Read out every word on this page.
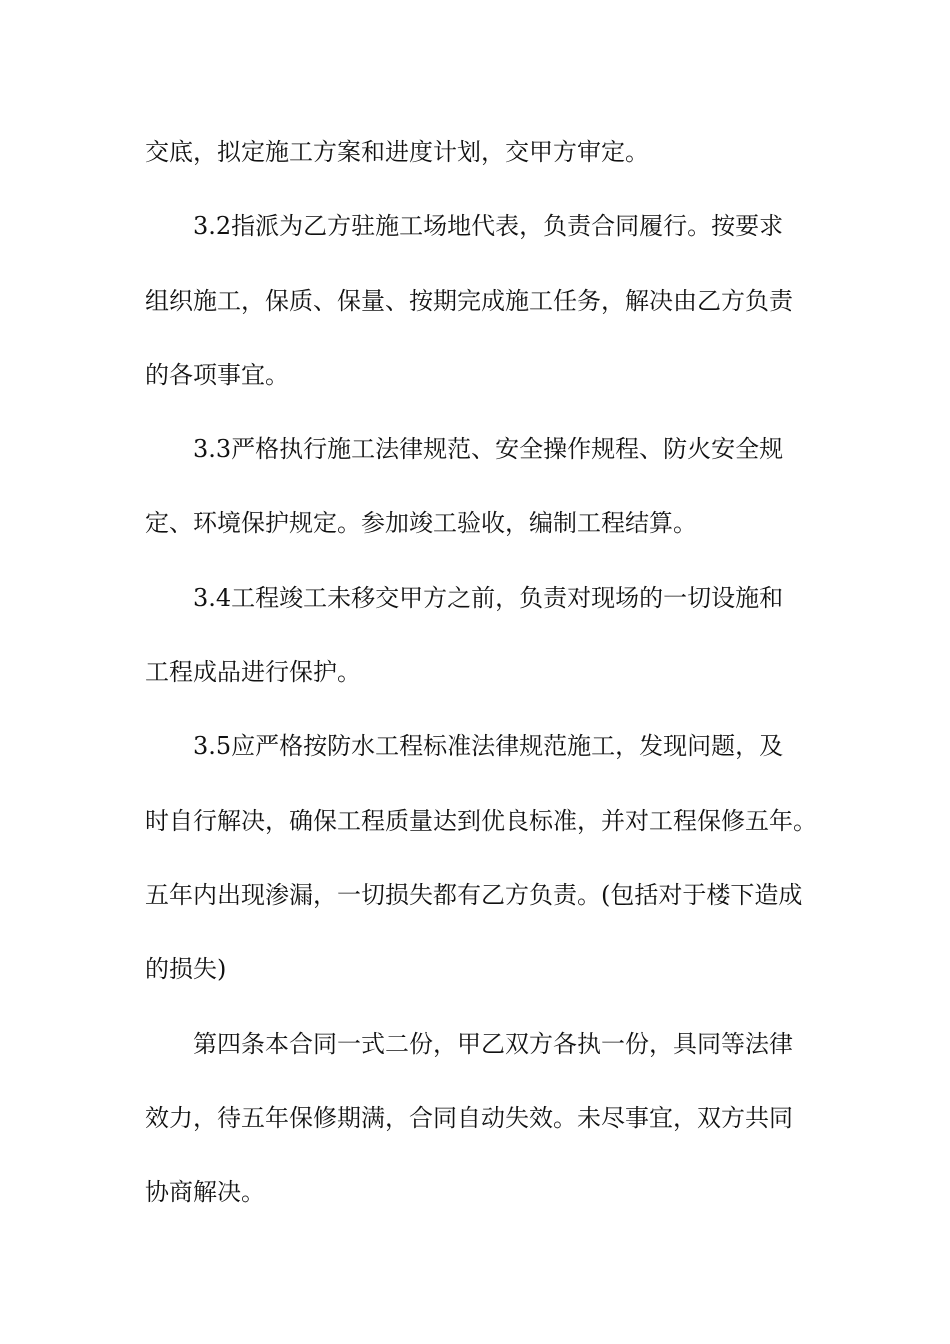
交底，拟定施工方案和进度计划，交甲方审定。
3.2指派为乙方驻施工场地代表，负责合同履行。按要求
组织施工，保质、保量、按期完成施工任务，解决由乙方负责
的各项事宜。
3.3严格执行施工法律规范、安全操作规程、防火安全规
定、环境保护规定。参加竣工验收，编制工程结算。
3.4工程竣工未移交甲方之前，负责对现场的一切设施和
工程成品进行保护。
3.5应严格按防水工程标准法律规范施工，发现问题，及
时自行解决，确保工程质量达到优良标准，并对工程保修五年。
五年内出现渗漏，一切损失都有乙方负责。(包括对于楼下造成
的损失)
第四条本合同一式二份，甲乙双方各执一份，具同等法律
效力，待五年保修期满，合同自动失效。未尽事宜，双方共同
协商解决。
